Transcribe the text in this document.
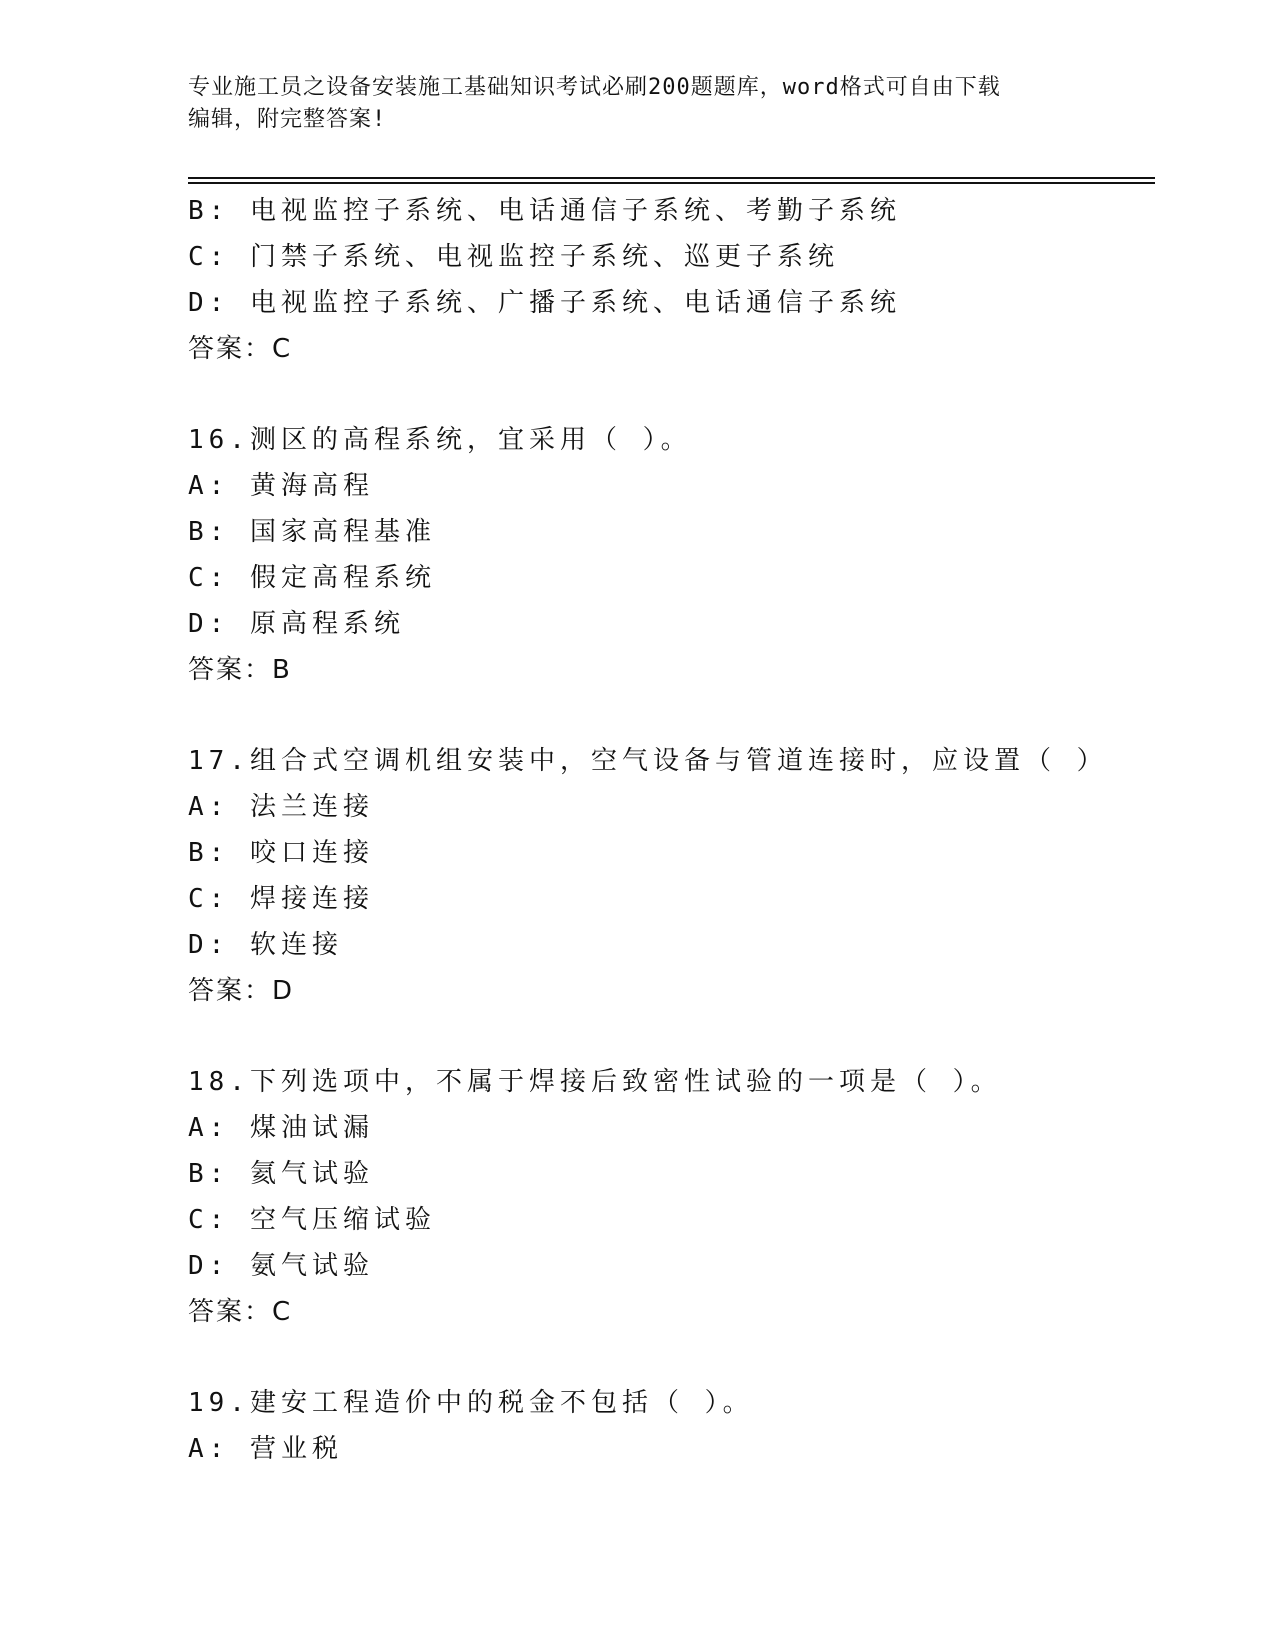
专业施工员之设备安装施工基础知识考试必刷200题题库，word格式可自由下载
编辑，附完整答案!
B: 电视监控子系统、电话通信子系统、考勤子系统
C: 门禁子系统、电视监控子系统、巡更子系统
D: 电视监控子系统、广播子系统、电话通信子系统
答案：C
16.测区的高程系统，宜采用（ ）。
A: 黄海高程
B: 国家高程基准
C: 假定高程系统
D: 原高程系统
答案：B
17.组合式空调机组安装中，空气设备与管道连接时，应设置（ ）
A: 法兰连接
B: 咬口连接
C: 焊接连接
D: 软连接
答案：D
18.下列选项中，不属于焊接后致密性试验的一项是（ ）。
A: 煤油试漏
B: 氦气试验
C: 空气压缩试验
D: 氨气试验
答案：C
19.建安工程造价中的税金不包括（ ）。
A: 营业税
